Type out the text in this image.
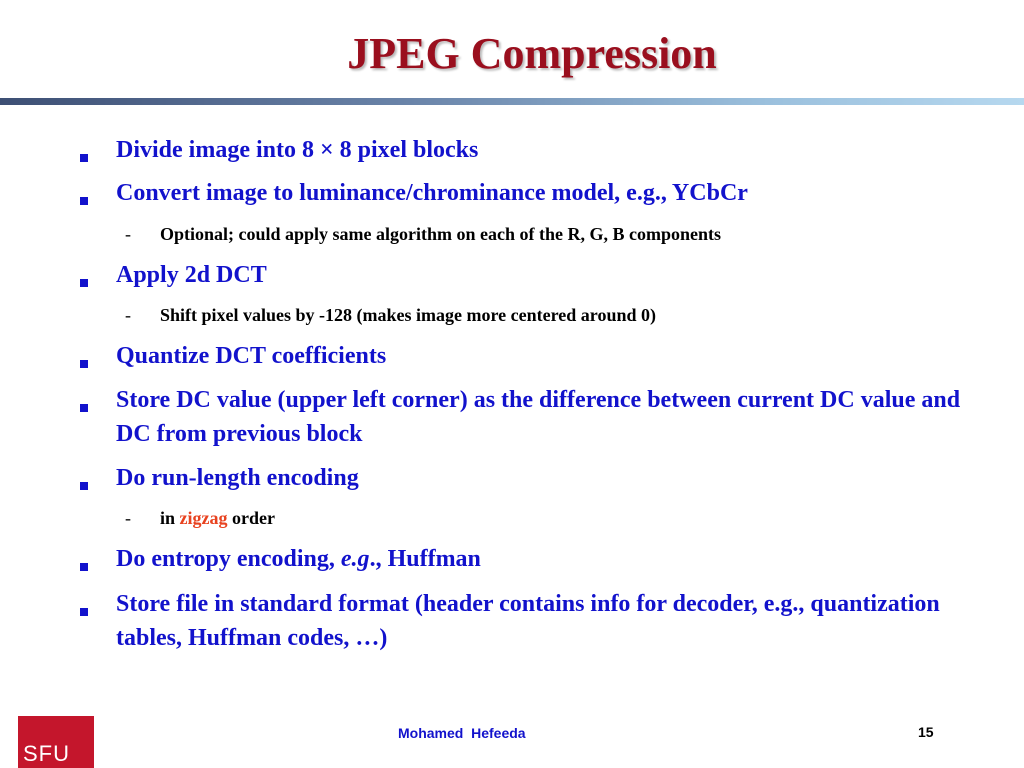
JPEG Compression
Divide image into 8 × 8 pixel blocks
Convert image to luminance/chrominance model, e.g., YCbCr
- Optional; could apply same algorithm on each of the R, G, B components
Apply 2d DCT
- Shift pixel values by -128 (makes image more centered around 0)
Quantize DCT coefficients
Store DC value (upper left corner) as the difference between current DC value and DC from previous block
Do run-length encoding
- in zigzag order
Do entropy encoding, e.g., Huffman
Store file in standard format (header contains info for decoder, e.g., quantization tables, Huffman codes, …)
SFU
Mohamed  Hefeeda	15
